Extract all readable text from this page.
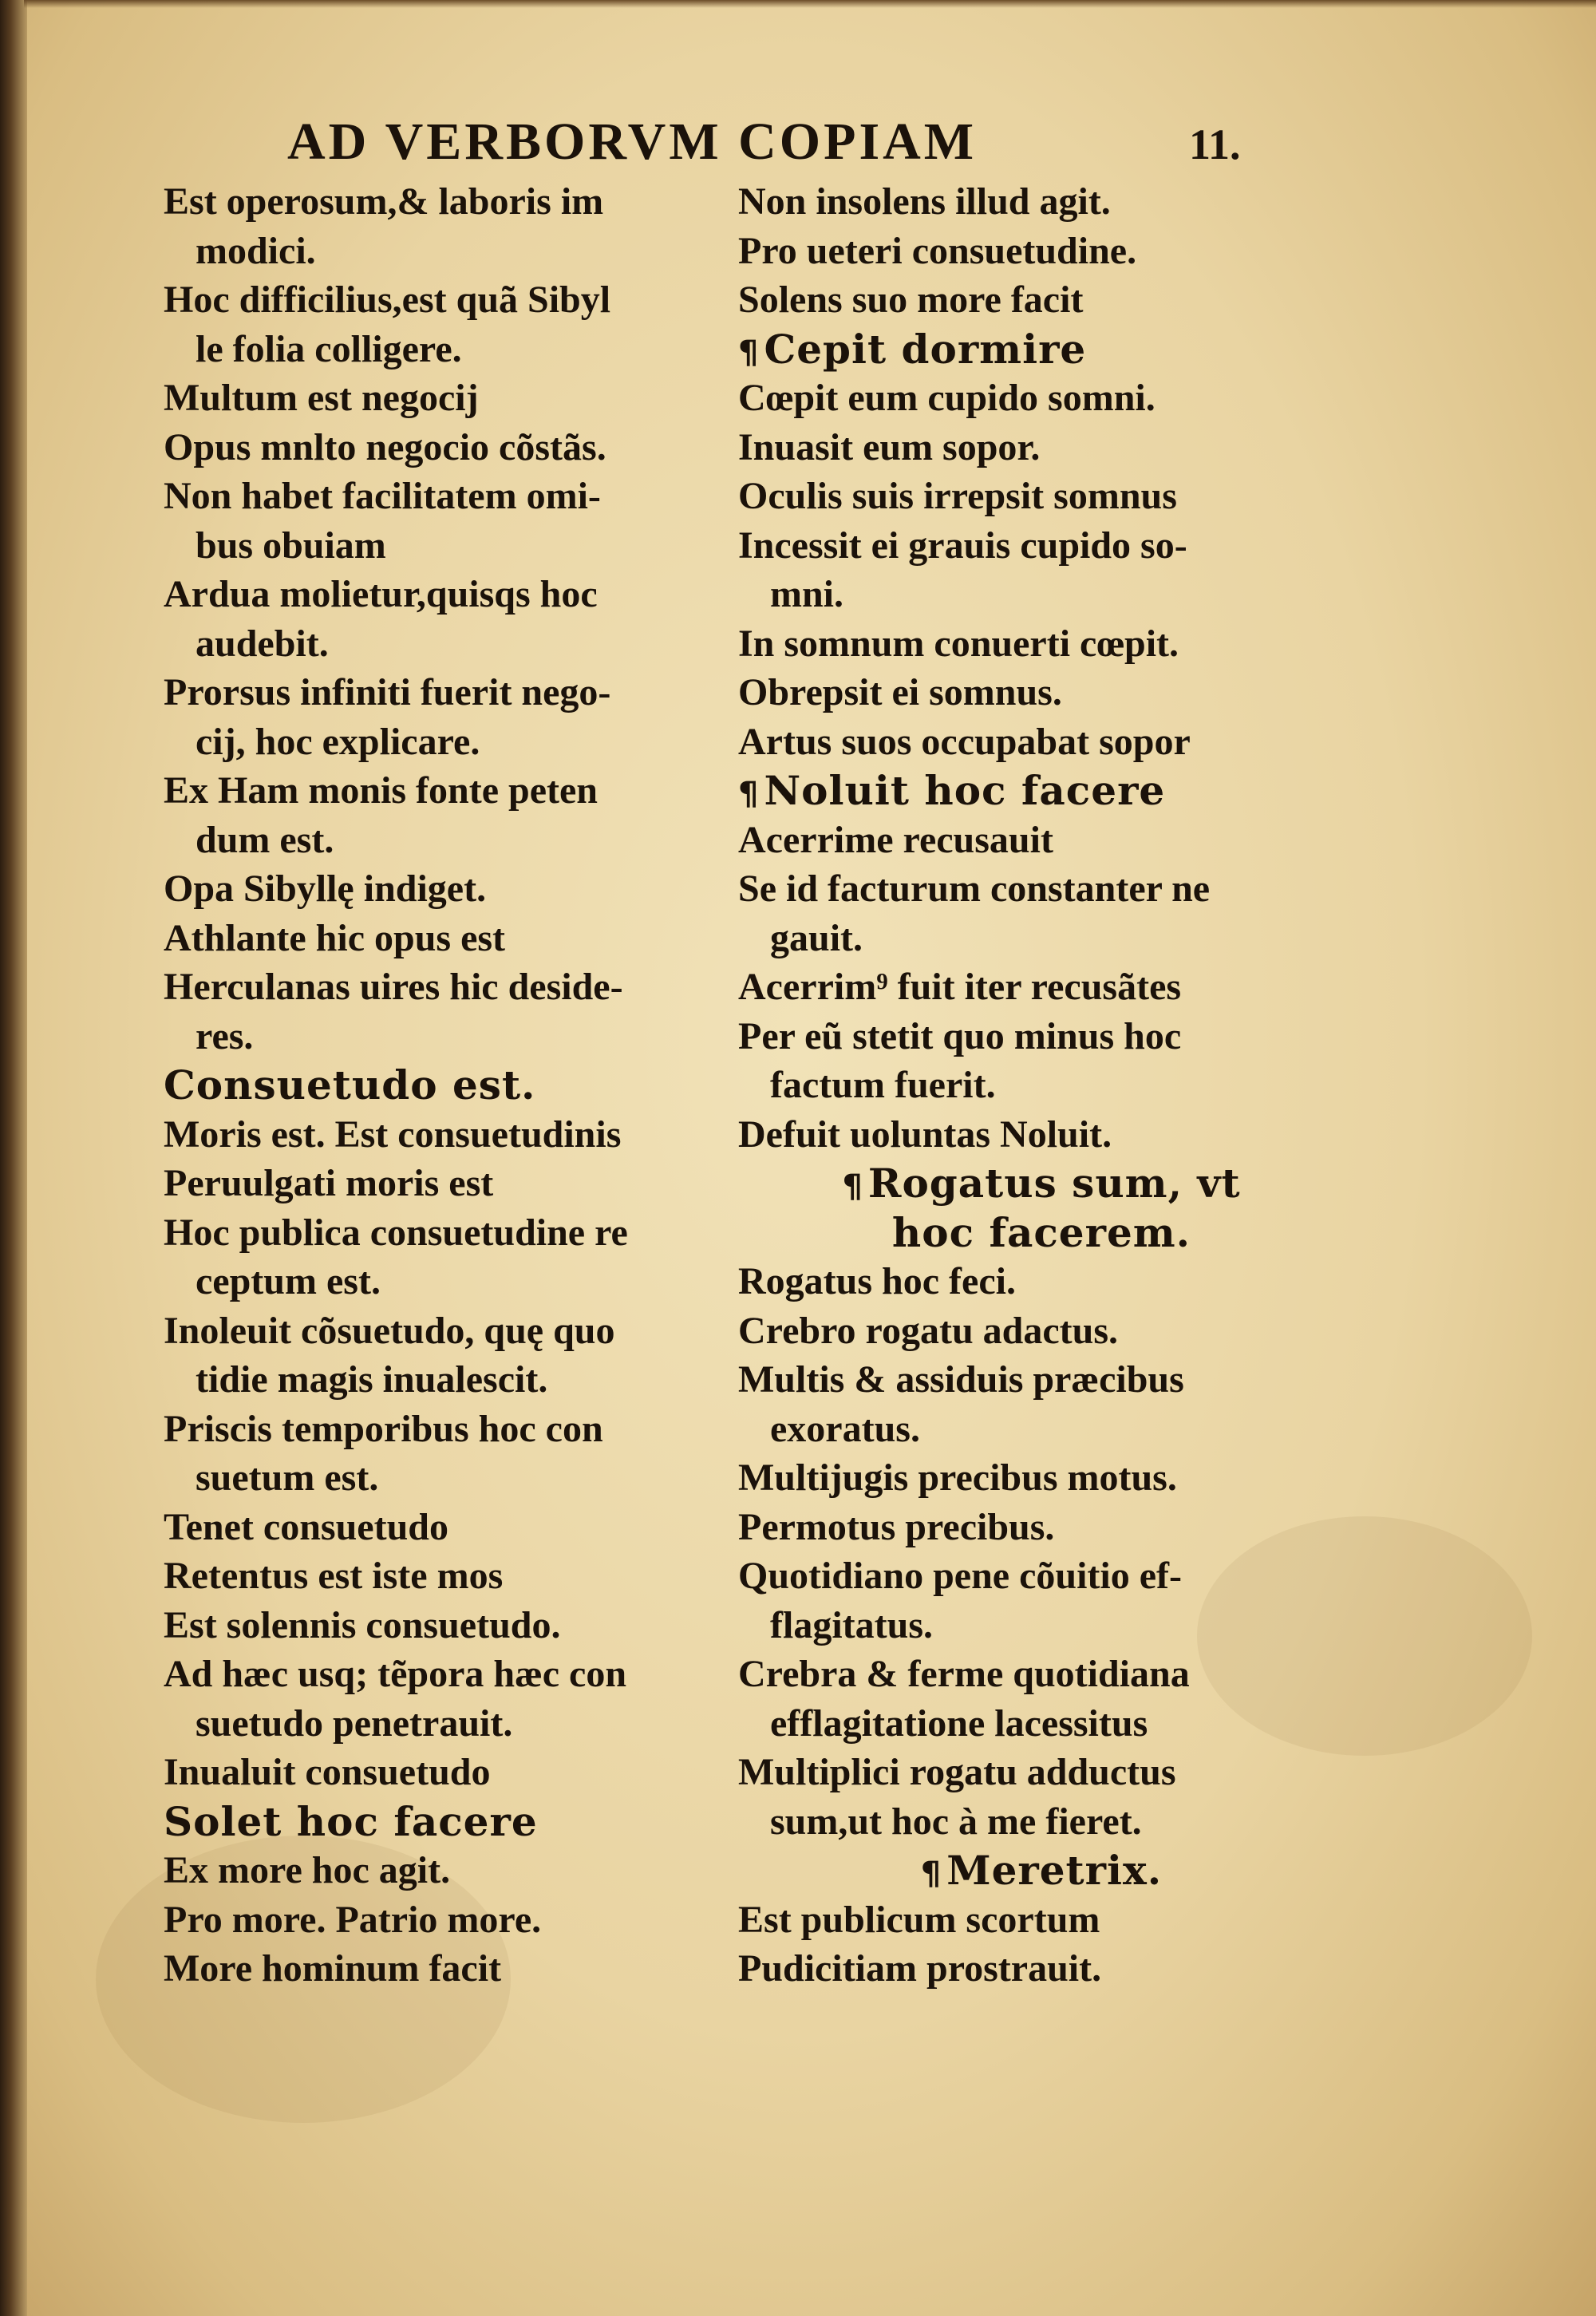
AD VERBORVM COPIAM	11.
Est operosum,& laboris im
modici.
Hoc difficilius,est quã Sibyl
le folia colligere.
Multum est negocij
Opus mnlto negocio cõstãs.
Non habet facilitatem omi-
bus obuiam
Ardua molietur,quisqs hoc
audebit.
Prorsus infiniti fuerit nego-
cij, hoc explicare.
Ex Ham monis fonte peten
dum est.
Opa Sibyllę indiget.
Athlante hic opus est
Herculanas uires hic deside-
res.
Consuetudo est.
Moris est. Est consuetudinis
Peruulgati moris est
Hoc publica consuetudine re
ceptum est.
Inoleuit cõsuetudo, quę quo
tidie magis inualescit.
Priscis temporibus hoc con
suetum est.
Tenet consuetudo
Retentus est iste mos
Est solennis consuetudo.
Ad hæc usq; tẽpora hæc con
suetudo penetrauit.
Inualuit consuetudo
Solet hoc facere
Ex more hoc agit.
Pro more. Patrio more.
More hominum facit
Non insolens illud agit.
Pro ueteri consuetudine.
Solens suo more facit
¶ Cepit dormire
Cœpit eum cupido somni.
Inuasit eum sopor.
Oculis suis irrepsit somnus
Incessit ei grauis cupido so-
mni.
In somnum conuerti cœpit.
Obrepsit ei somnus.
Artus suos occupabat sopor
¶ Noluit hoc facere
Acerrime recusauit
Se id facturum constanter ne
gauit.
Acerrim⁹ fuit iter recusãtes
Per eũ stetit quo minus hoc
factum fuerit.
Defuit uoluntas Noluit.
¶ Rogatus sum, vt
hoc facerem.
Rogatus hoc feci.
Crebro rogatu adactus.
Multis & assiduis præcibus
exoratus.
Multijugis precibus motus.
Permotus precibus.
Quotidiano pene cõuitio ef-
flagitatus.
Crebra & ferme quotidiana
efflagitatione lacessitus
Multiplici rogatu adductus
sum,ut hoc à me fieret.
¶ Meretrix.
Est publicum scortum
Pudicitiam prostrauit.
